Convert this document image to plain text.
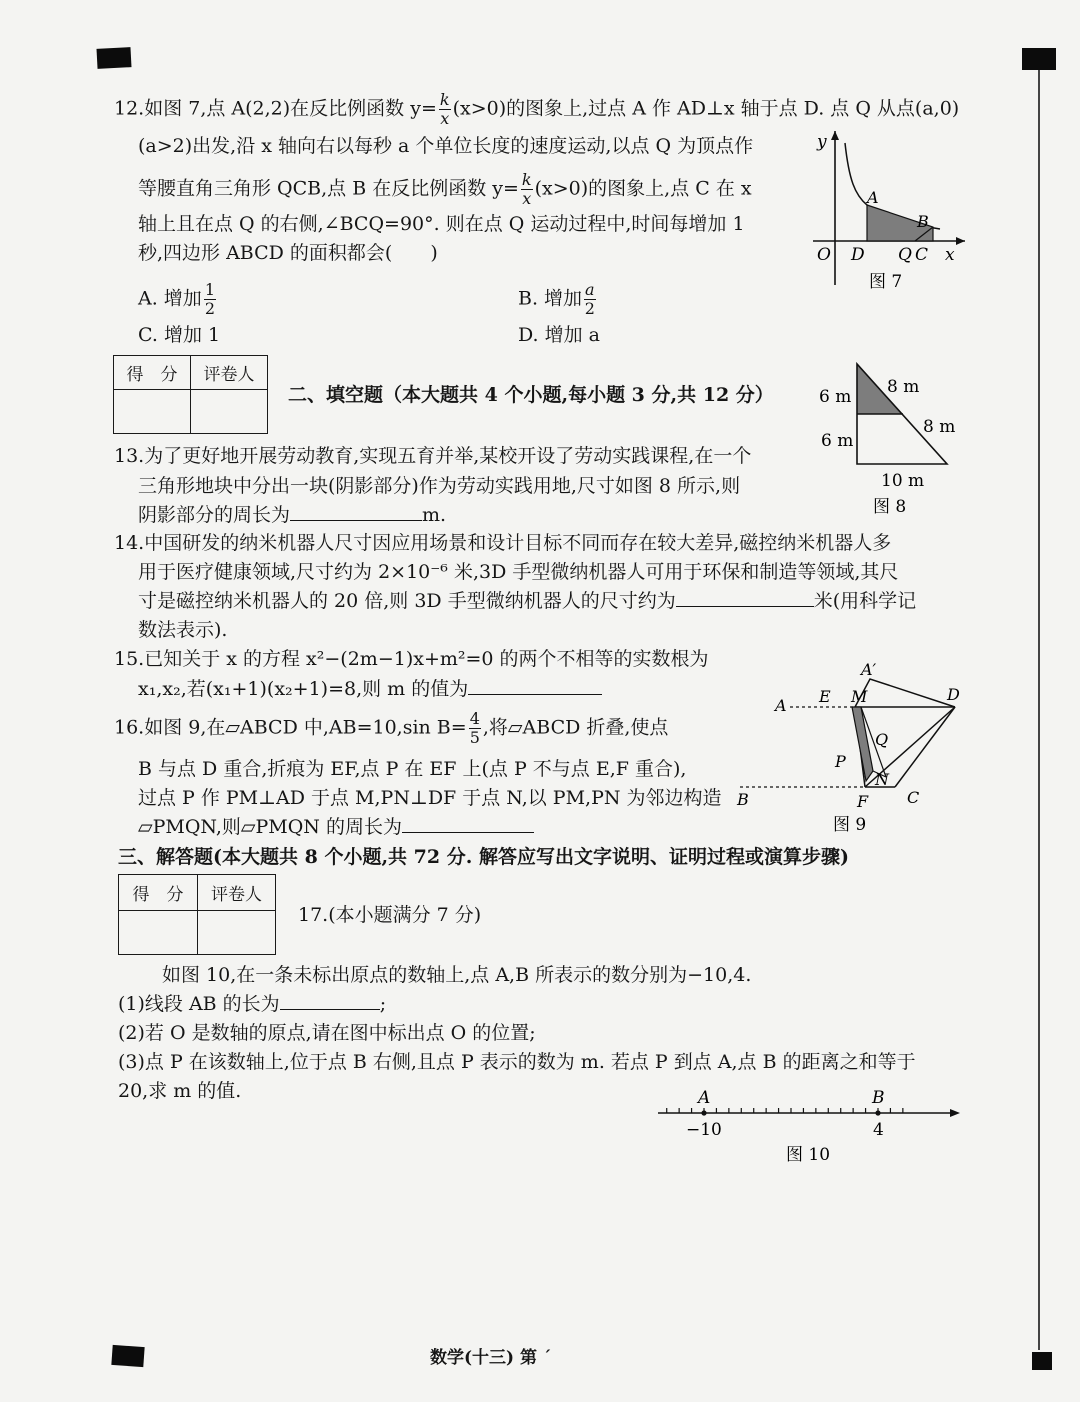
12.如图 7,点 A(2,2)在反比例函数 $y= \frac{k}{x} (x>0)$的图象上,过点 A 作 AD⊥x 轴于点 D. 点 Q 从点(a,0)
(a>2)出发,沿 x 轴向右以每秒 a 个单位长度的速度运动,以点 Q 为顶点作
等腰直角三角形 QCB,点 B 在反比例函数 $y= \frac{k}{x} (x>0)$的图象上,点 C 在 x
轴上且在点 Q 的右侧,∠BCQ=90°. 则在点 Q 运动过程中,时间每增加 1
秒,四边形 ABCD 的面积都会(　　)
A. 增加 $\frac{1}{2}$	B. 增加 $\frac{a}{2}$
C. 增加 1	D. 增加 a
y
A
B
O D Q C x
图 7
得　分	评卷人

二、填空题（本大题共 4 个小题,每小题 3 分,共 12 分）	6 m
6 m
8 m
8 m
10 m
图 8
13.为了更好地开展劳动教育,实现五育并举,某校开设了劳动实践课程,在一个
三角形地块中分出一块(阴影部分)作为劳动实践用地,尺寸如图 8 所示,则
阴影部分的周长为	m.
14.中国研发的纳米机器人尺寸因应用场景和设计目标不同而存在较大差异,磁控纳米机器人多
用于医疗健康领域,尺寸约为 2×10⁻⁶ 米,3D 手型微纳机器人可用于环保和制造等领域,其尺
寸是磁控纳米机器人的 20 倍,则 3D 手型微纳机器人的尺寸约为	米(用科学记
数法表示).
15.已知关于 x 的方程 x²−(2m−1)x+m²=0 的两个不相等的实数根为
x₁,x₂,若(x₁+1)(x₂+1)=8,则 m 的值为
16.如图 9,在▱ABCD 中,AB=10,sin $B= \frac{4}{5}$ ,将▱ABCD 折叠,使点
B 与点 D 重合,折痕为 EF,点 P 在 EF 上(点 P 不与点 E,F 重合),
过点 P 作 PM⊥AD 于点 M,PN⊥DF 于点 N,以 PM,PN 为邻边构造
▱PMQN,则▱PMQN 的周长为
A′
A E M	D
Q
P
N
B	F C
图 9
三、解答题(本大题共 8 个小题,共 72 分. 解答应写出文字说明、证明过程或演算步骤)
得　分	评卷人

17.(本小题满分 7 分)
如图 10,在一条未标出原点的数轴上,点 A,B 所表示的数分别为−10,4.
(1)线段 AB 的长为	;
(2)若 O 是数轴的原点,请在图中标出点 O 的位置;
(3)点 P 在该数轴上,位于点 B 右侧,且点 P 表示的数为 m. 若点 P 到点 A,点 B 的距离之和等于
20,求 m 的值.	A	B
−10	4
图 10
数学(十三) 第 ´
